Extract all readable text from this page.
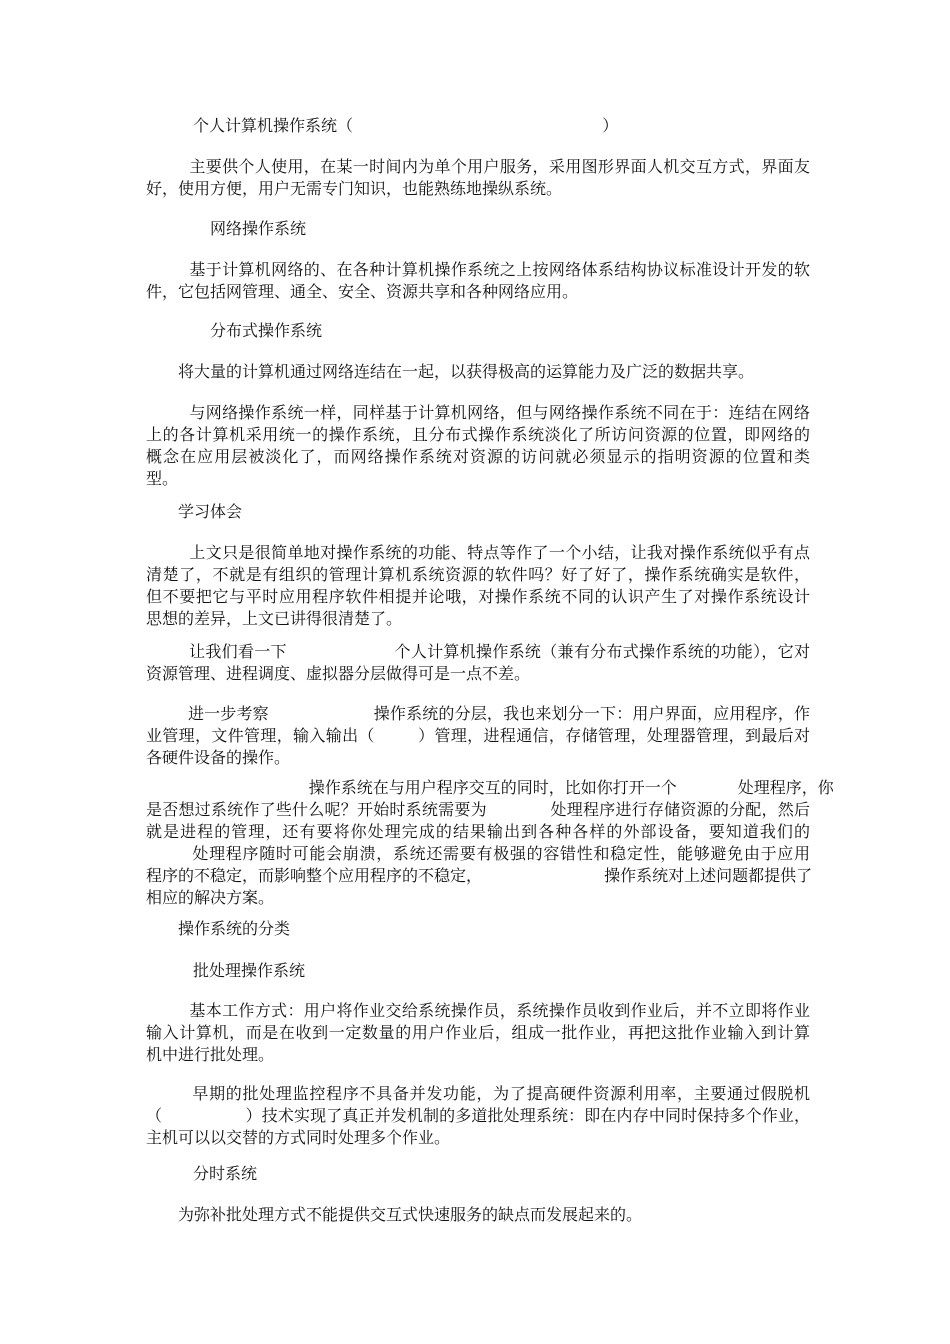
个人计算机操作系统（                                                 ）

主要供个人使用，在某一时间内为单个用户服务，采用图形界面人机交互方式，界面友
好，使用方便，用户无需专门知识，也能熟练地操纵系统。

网络操作系统

基于计算机网络的、在各种计算机操作系统之上按网络体系结构协议标准设计开发的软
件，它包括网管理、通全、安全、资源共享和各种网络应用。

分布式操作系统

将大量的计算机通过网络连结在一起，以获得极高的运算能力及广泛的数据共享。

与网络操作系统一样，同样基于计算机网络，但与网络操作系统不同在于：连结在网络
上的各计算机采用统一的操作系统，且分布式操作系统淡化了所访问资源的位置，即网络的
概念在应用层被淡化了，而网络操作系统对资源的访问就必须显示的指明资源的位置和类
型。

学习体会

上文只是很简单地对操作系统的功能、特点等作了一个小结，让我对操作系统似乎有点
清楚了，不就是有组织的管理计算机系统资源的软件吗？好了好了，操作系统确实是软件，
但不要把它与平时应用程序软件相提并论哦，对操作系统不同的认识产生了对操作系统设计
思想的差异，上文已讲得很清楚了。
让我们看一下                    个人计算机操作系统（兼有分布式操作系统的功能），它对
资源管理、进程调度、虚拟器分层做得可是一点不差。
进一步考察                    操作系统的分层，我也来划分一下：用户界面，应用程序，作
业管理，文件管理，输入输出（        ）管理，进程通信，存储管理，处理器管理，到最后对
各硬件设备的操作。
操作系统在与用户程序交互的同时，比如你打开一个            处理程序，你
是否想过系统作了些什么呢？开始时系统需要为            处理程序进行存储资源的分配，然后
就是进程的管理，还有要将你处理完成的结果输出到各种各样的外部设备，要知道我们的
处理程序随时可能会崩溃，系统还需要有极强的容错性和稳定性，能够避免由于应用
程序的不稳定，而影响整个应用程序的不稳定，                        操作系统对上述问题都提供了
相应的解决方案。

操作系统的分类

批处理操作系统

基本工作方式：用户将作业交给系统操作员，系统操作员收到作业后，并不立即将作业
输入计算机，而是在收到一定数量的用户作业后，组成一批作业，再把这批作业输入到计算
机中进行批处理。
早期的批处理监控程序不具备并发功能，为了提高硬件资源利用率，主要通过假脱机
（                ）技术实现了真正并发机制的多道批处理系统：即在内存中同时保持多个作业，
主机可以以交替的方式同时处理多个作业。

分时系统

为弥补批处理方式不能提供交互式快速服务的缺点而发展起来的。
